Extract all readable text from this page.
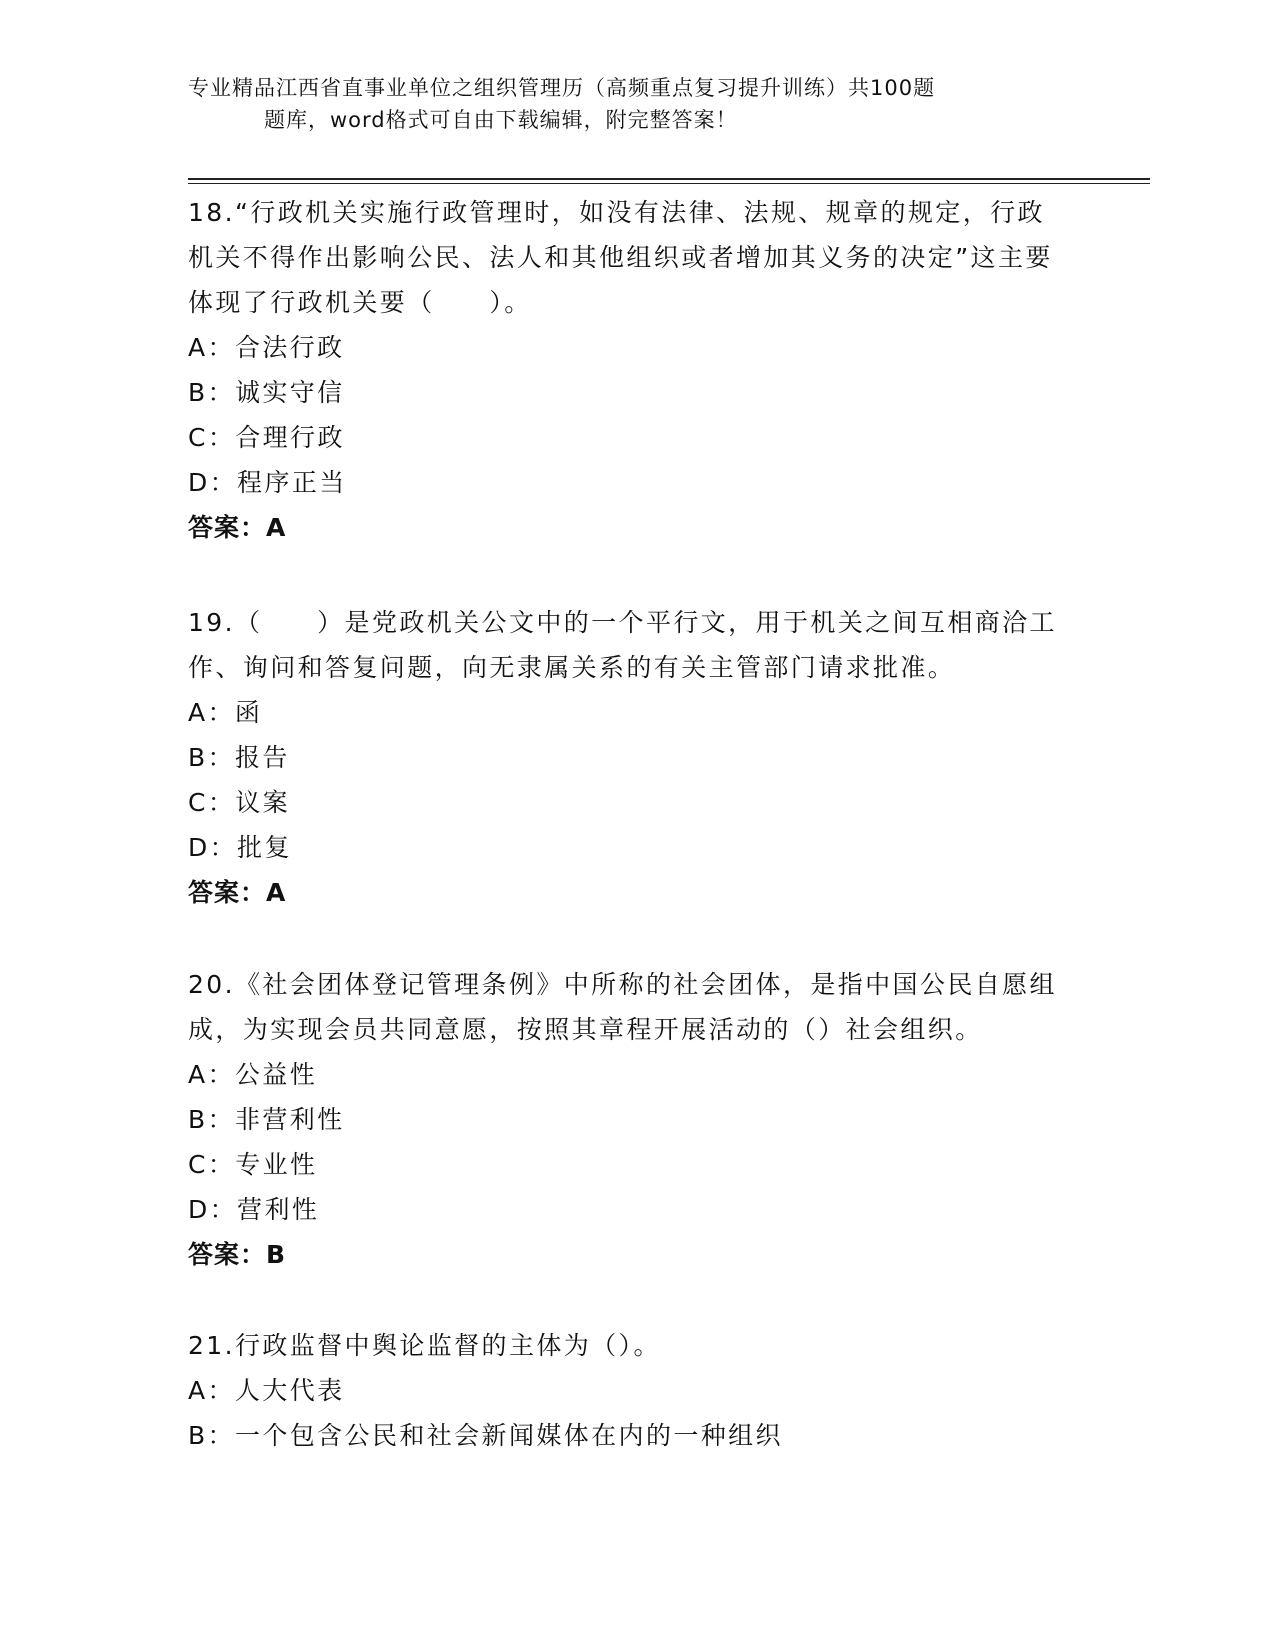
专业精品江西省直事业单位之组织管理历（高频重点复习提升训练）共100题
题库，word格式可自由下载编辑，附完整答案！
18.“行政机关实施行政管理时，如没有法律、法规、规章的规定，行政机关不得作出影响公民、法人和其他组织或者增加其义务的决定”这主要体现了行政机关要（　　）。
A：合法行政
B：诚实守信
C：合理行政
D：程序正当
答案：A
19.（　　）是党政机关公文中的一个平行文，用于机关之间互相商洽工作、询问和答复问题，向无隶属关系的有关主管部门请求批准。
A：函
B：报告
C：议案
D：批复
答案：A
20.《社会团体登记管理条例》中所称的社会团体，是指中国公民自愿组成，为实现会员共同意愿，按照其章程开展活动的（）社会组织。
A：公益性
B：非营利性
C：专业性
D：营利性
答案：B
21.行政监督中舆论监督的主体为（）。
A：人大代表
B：一个包含公民和社会新闻媒体在内的一种组织
